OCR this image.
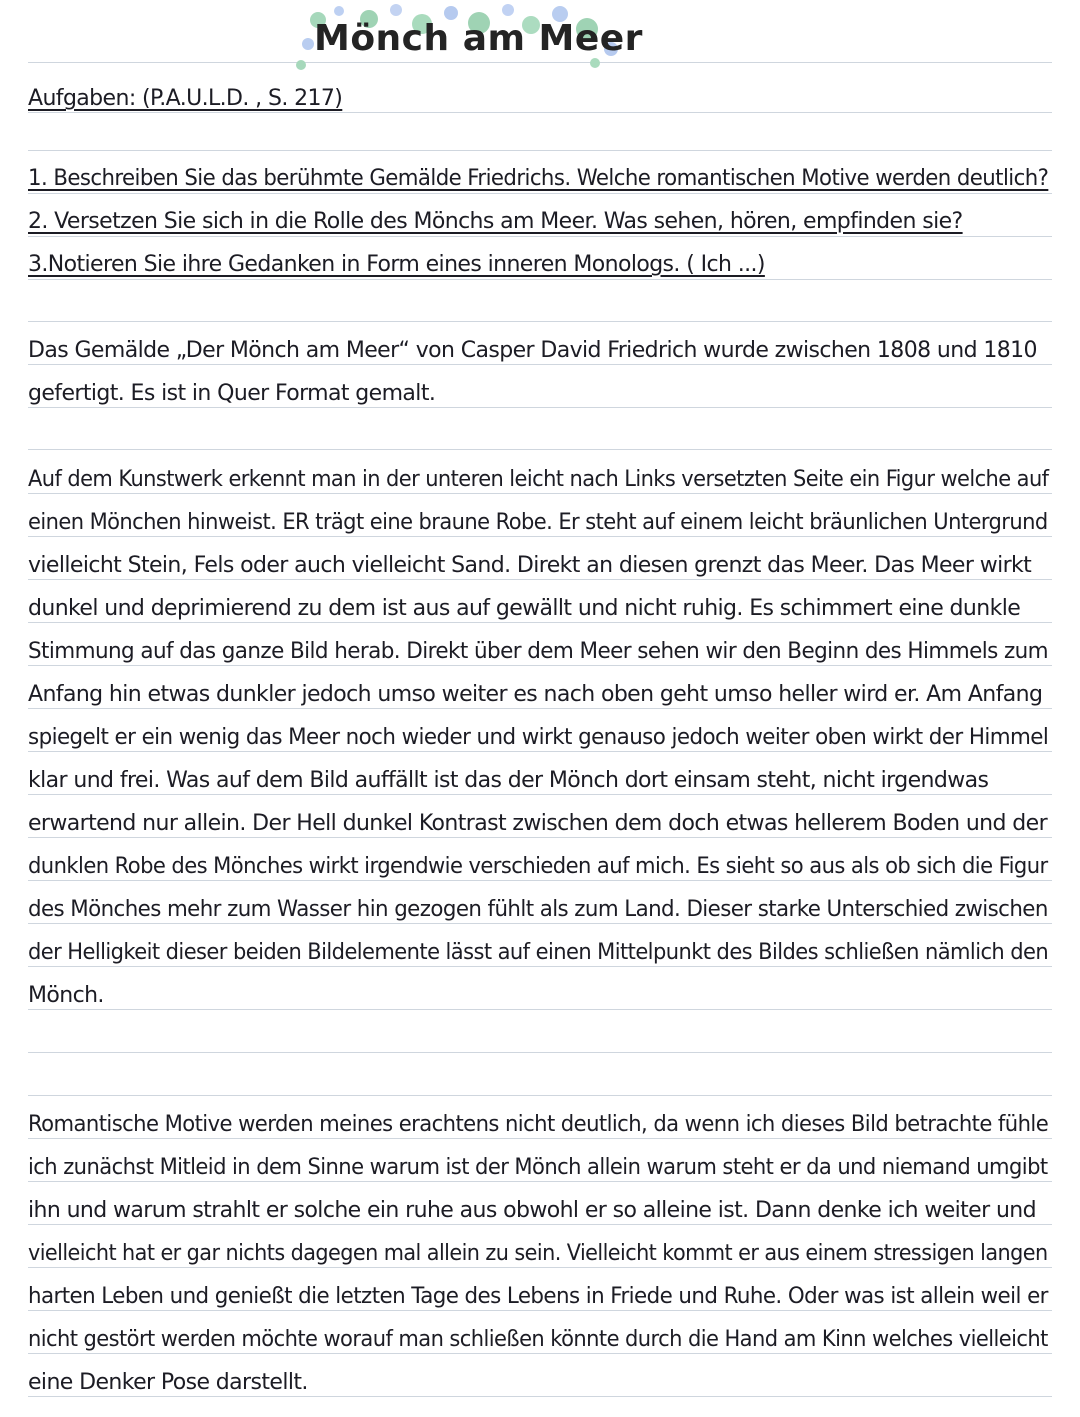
Mönch am Meer
Aufgaben: (P.A.U.L.D. , S. 217)
1. Beschreiben Sie das berühmte Gemälde Friedrichs. Welche romantischen Motive werden deutlich?
2. Versetzen Sie sich in die Rolle des Mönchs am Meer. Was sehen, hören, empfinden sie?
3.Notieren Sie ihre Gedanken in Form eines inneren Monologs. ( Ich ...)
Das Gemälde „Der Mönch am Meer“ von Casper David Friedrich wurde zwischen 1808 und 1810
gefertigt. Es ist in Quer Format gemalt.
Auf dem Kunstwerk erkennt man in der unteren leicht nach Links versetzten Seite ein Figur welche auf
einen Mönchen hinweist. ER trägt eine braune Robe. Er steht auf einem leicht bräunlichen Untergrund
vielleicht Stein, Fels oder auch vielleicht Sand. Direkt an diesen grenzt das Meer. Das Meer wirkt
dunkel und deprimierend zu dem ist aus auf gewällt und nicht ruhig. Es schimmert eine dunkle
Stimmung auf das ganze Bild herab. Direkt über dem Meer sehen wir den Beginn des Himmels zum
Anfang hin etwas dunkler jedoch umso weiter es nach oben geht umso heller wird er. Am Anfang
spiegelt er ein wenig das Meer noch wieder und wirkt genauso jedoch weiter oben wirkt der Himmel
klar und frei. Was auf dem Bild auffällt ist das der Mönch dort einsam steht, nicht irgendwas
erwartend nur allein. Der Hell dunkel Kontrast zwischen dem doch etwas hellerem Boden und der
dunklen Robe des Mönches wirkt irgendwie verschieden auf mich. Es sieht so aus als ob sich die Figur
des Mönches mehr zum Wasser hin gezogen fühlt als zum Land. Dieser starke Unterschied zwischen
der Helligkeit dieser beiden Bildelemente lässt auf einen Mittelpunkt des Bildes schließen nämlich den
Mönch.
Romantische Motive werden meines erachtens nicht deutlich, da wenn ich dieses Bild betrachte fühle
ich zunächst Mitleid in dem Sinne warum ist der Mönch allein warum steht er da und niemand umgibt
ihn und warum strahlt er solche ein ruhe aus obwohl er so alleine ist. Dann denke ich weiter und
vielleicht hat er gar nichts dagegen mal allein zu sein. Vielleicht kommt er aus einem stressigen langen
harten Leben und genießt die letzten Tage des Lebens in Friede und Ruhe. Oder was ist allein weil er
nicht gestört werden möchte worauf man schließen könnte durch die Hand am Kinn welches vielleicht
eine Denker Pose darstellt.
